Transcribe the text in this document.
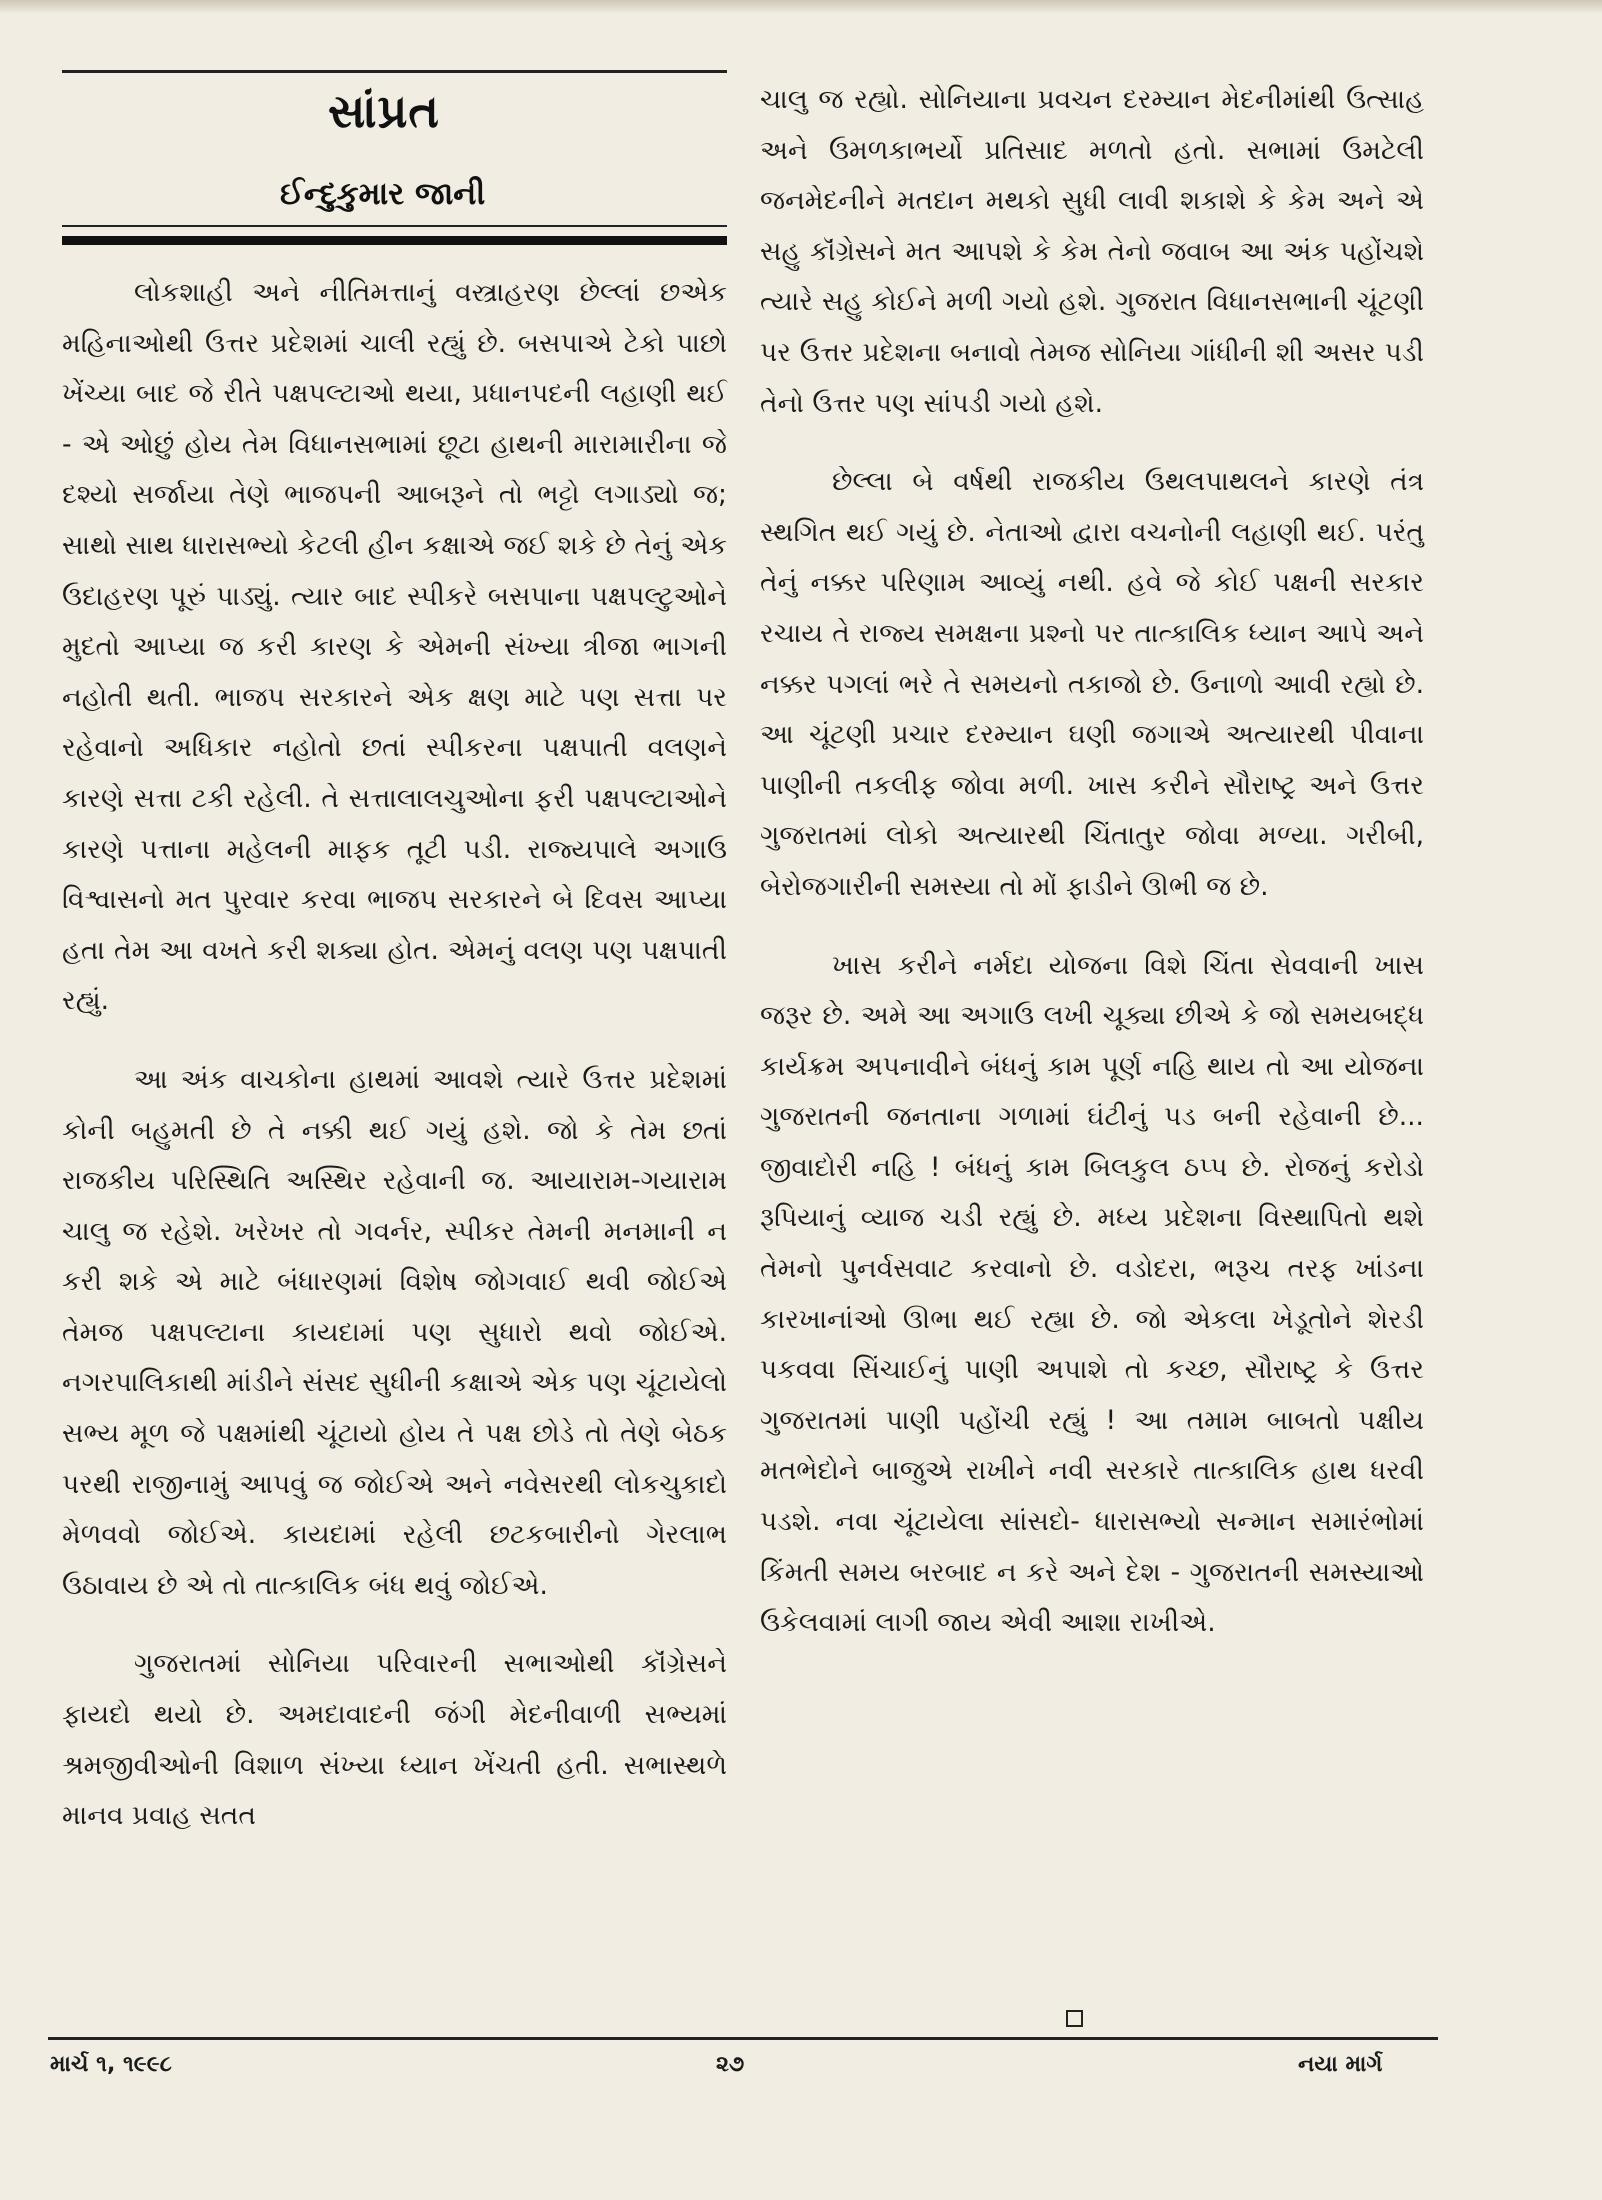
સાંપ્રત
ઈન્દુકુમાર જાની

લોકશાહી અને નીતિમત્તાનું વસ્ત્રાહરણ છેલ્લાં છએક મહિનાઓથી ઉત્તર પ્રદેશમાં ચાલી રહ્યું છે. બસપાએ ટેકો પાછો ખેંચ્યા બાદ જે રીતે પક્ષપલ્ટાઓ થયા, પ્રધાનપદની લહાણી થઈ - એ ઓછું હોય તેમ વિધાનસભામાં છૂટા હાથની મારામારીના જે દશ્યો સર્જાયા તેણે ભાજપની આબરૂને તો ભટ્ટો લગાડ્યો જ; સાથો સાથ ધારાસભ્યો કેટલી હીન કક્ષાએ જઈ શકે છે તેનું એક ઉદાહરણ પૂરું પાડ્યું. ત્યાર બાદ સ્પીકરે બસપાના પક્ષપલ્ટુઓને મુદતો આપ્યા જ કરી કારણ કે એમની સંખ્યા ત્રીજા ભાગની નહોતી થતી. ભાજપ સરકારને એક ક્ષણ માટે પણ સત્તા પર રહેવાનો અધિકાર નહોતો છતાં સ્પીકરના પક્ષપાતી વલણને કારણે સત્તા ટકી રહેલી. તે સત્તાલાલચુઓના ફરી પક્ષપલ્ટાઓને કારણે પત્તાના મહેલની માફક તૂટી પડી. રાજ્યપાલે અગાઉ વિશ્વાસનો મત પુરવાર કરવા ભાજપ સરકારને બે દિવસ આપ્યા હતા તેમ આ વખતે કરી શક્યા હોત. એમનું વલણ પણ પક્ષપાતી રહ્યું.

આ અંક વાચકોના હાથમાં આવશે ત્યારે ઉત્તર પ્રદેશમાં કોની બહુમતી છે તે નક્કી થઈ ગયું હશે. જો કે તેમ છતાં રાજકીય પરિસ્થિતિ અસ્થિર રહેવાની જ. આયારામ-ગયારામ ચાલુ જ રહેશે. ખરેખર તો ગવર્નર, સ્પીકર તેમની મનમાની ન કરી શકે એ માટે બંધારણમાં વિશેષ જોગવાઈ થવી જોઈએ તેમજ પક્ષપલ્ટાના કાયદામાં પણ સુધારો થવો જોઈએ. નગરપાલિકાથી માંડીને સંસદ સુધીની કક્ષાએ એક પણ ચૂંટાયેલો સભ્ય મૂળ જે પક્ષમાંથી ચૂંટાયો હોય તે પક્ષ છોડે તો તેણે બેઠક પરથી રાજીનામું આપવું જ જોઈએ અને નવેસરથી લોકચુકાદો મેળવવો જોઈએ. કાયદામાં રહેલી છટકબારીનો ગેરલાભ ઉઠાવાય છે એ તો તાત્કાલિક બંધ થવું જોઈએ.

ગુજરાતમાં સોનિયા પરિવારની સભાઓથી કૉંગ્રેસને ફાયદો થયો છે. અમદાવાદની જંગી મેદનીવાળી સભ્યમાં શ્રમજીવીઓની વિશાળ સંખ્યા ધ્યાન ખેંચતી હતી. સભાસ્થળે માનવ પ્રવાહ સતત

ચાલુ જ રહ્યો. સોનિયાના પ્રવચન દરમ્યાન મેદનીમાંથી ઉત્સાહ અને ઉમળકાભર્યો પ્રતિસાદ મળતો હતો. સભામાં ઉમટેલી જનમેદનીને મતદાન મથકો સુધી લાવી શકાશે કે કેમ અને એ સહુ કૉંગ્રેસને મત આપશે કે કેમ તેનો જવાબ આ અંક પહોંચશે ત્યારે સહુ કોઈને મળી ગયો હશે. ગુજરાત વિધાનસભાની ચૂંટણી પર ઉત્તર પ્રદેશના બનાવો તેમજ સોનિયા ગાંધીની શી અસર પડી તેનો ઉત્તર પણ સાંપડી ગયો હશે.

છેલ્લા બે વર્ષથી રાજકીય ઉથલપાથલને કારણે તંત્ર સ્થગિત થઈ ગયું છે. નેતાઓ દ્વારા વચનોની લહાણી થઈ. પરંતુ તેનું નક્કર પરિણામ આવ્યું નથી. હવે જે કોઈ પક્ષની સરકાર રચાય તે રાજ્ય સમક્ષના પ્રશ્નો પર તાત્કાલિક ધ્યાન આપે અને નક્કર પગલાં ભરે તે સમયનો તકાજો છે. ઉનાળો આવી રહ્યો છે. આ ચૂંટણી પ્રચાર દરમ્યાન ઘણી જગાએ અત્યારથી પીવાના પાણીની તકલીફ જોવા મળી. ખાસ કરીને સૌરાષ્ટ્ર અને ઉત્તર ગુજરાતમાં લોકો અત્યારથી ચિંતાતુર જોવા મળ્યા. ગરીબી, બેરોજગારીની સમસ્યા તો મોં ફાડીને ઊભી જ છે.

ખાસ કરીને નર્મદા યોજના વિશે ચિંતા સેવવાની ખાસ જરૂર છે. અમે આ અગાઉ લખી ચૂક્યા છીએ કે જો સમયબદ્ધ કાર્યક્રમ અપનાવીને બંધનું કામ પૂર્ણ નહિ થાય તો આ યોજના ગુજરાતની જનતાના ગળામાં ઘંટીનું પડ બની રહેવાની છે... જીવાદોરી નહિ ! બંધનું કામ બિલકુલ ઠપ્પ છે. રોજનું કરોડો રૂપિયાનું વ્યાજ ચડી રહ્યું છે. મધ્ય પ્રદેશના વિસ્થાપિતો થશે તેમનો પુનર્વસવાટ કરવાનો છે. વડોદરા, ભરૂચ તરફ ખાંડના કારખાનાંઓ ઊભા થઈ રહ્યા છે. જો એકલા ખેડૂતોને શેરડી પકવવા સિંચાઈનું પાણી અપાશે તો કચ્છ, સૌરાષ્ટ્ર કે ઉત્તર ગુજરાતમાં પાણી પહોંચી રહ્યું ! આ તમામ બાબતો પક્ષીય મતભેદોને બાજુએ રાખીને નવી સરકારે તાત્કાલિક હાથ ધરવી પડશે. નવા ચૂંટાયેલા સાંસદો- ધારાસભ્યો સન્માન સમારંભોમાં કિંમતી સમય બરબાદ ન કરે અને દેશ - ગુજરાતની સમસ્યાઓ ઉકેલવામાં લાગી જાય એવી આશા રાખીએ.

માર્ચ ૧, ૧૯૯૮	૨૭	નયા માર્ગ
